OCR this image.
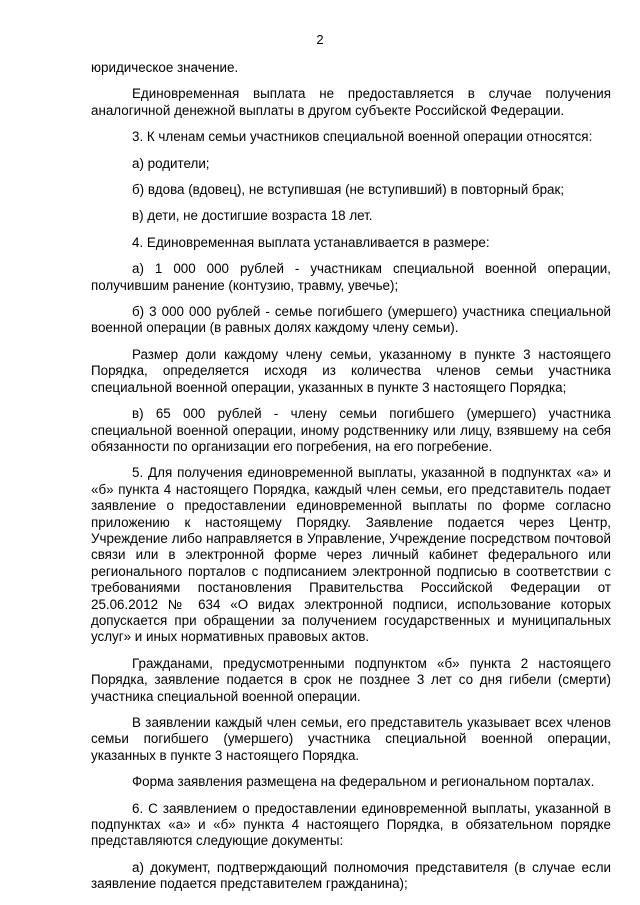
2

юридическое значение.

Единовременная выплата не предоставляется в случае получения аналогичной денежной выплаты в другом субъекте Российской Федерации.

3. К членам семьи участников специальной военной операции относятся:

а) родители;

б) вдова (вдовец), не вступившая (не вступивший) в повторный брак;

в) дети, не достигшие возраста 18 лет.

4. Единовременная выплата устанавливается в размере:

а) 1 000 000 рублей - участникам специальной военной операции, получившим ранение (контузию, травму, увечье);

б) 3 000 000 рублей - семье погибшего (умершего) участника специальной военной операции (в равных долях каждому члену семьи).

Размер доли каждому члену семьи, указанному в пункте 3 настоящего Порядка, определяется исходя из количества членов семьи участника специальной военной операции, указанных в пункте 3 настоящего Порядка;

в) 65 000 рублей - члену семьи погибшего (умершего) участника специальной военной операции, иному родственнику или лицу, взявшему на себя обязанности по организации его погребения, на его погребение.

5. Для получения единовременной выплаты, указанной в подпунктах «а» и «б» пункта 4 настоящего Порядка, каждый член семьи, его представитель подает заявление о предоставлении единовременной выплаты по форме согласно приложению к настоящему Порядку. Заявление подается через Центр, Учреждение либо направляется в Управление, Учреждение посредством почтовой связи или в электронной форме через личный кабинет федерального или регионального порталов с подписанием электронной подписью в соответствии с требованиями постановления Правительства Российской Федерации от 25.06.2012 № 634 «О видах электронной подписи, использование которых допускается при обращении за получением государственных и муниципальных услуг» и иных нормативных правовых актов.

Гражданами, предусмотренными подпунктом «б» пункта 2 настоящего Порядка, заявление подается в срок не позднее 3 лет со дня гибели (смерти) участника специальной военной операции.

В заявлении каждый член семьи, его представитель указывает всех членов семьи погибшего (умершего) участника специальной военной операции, указанных в пункте 3 настоящего Порядка.

Форма заявления размещена на федеральном и региональном порталах.

6. С заявлением о предоставлении единовременной выплаты, указанной в подпунктах «а» и «б» пункта 4 настоящего Порядка, в обязательном порядке представляются следующие документы:

а) документ, подтверждающий полномочия представителя (в случае если заявление подается представителем гражданина);
